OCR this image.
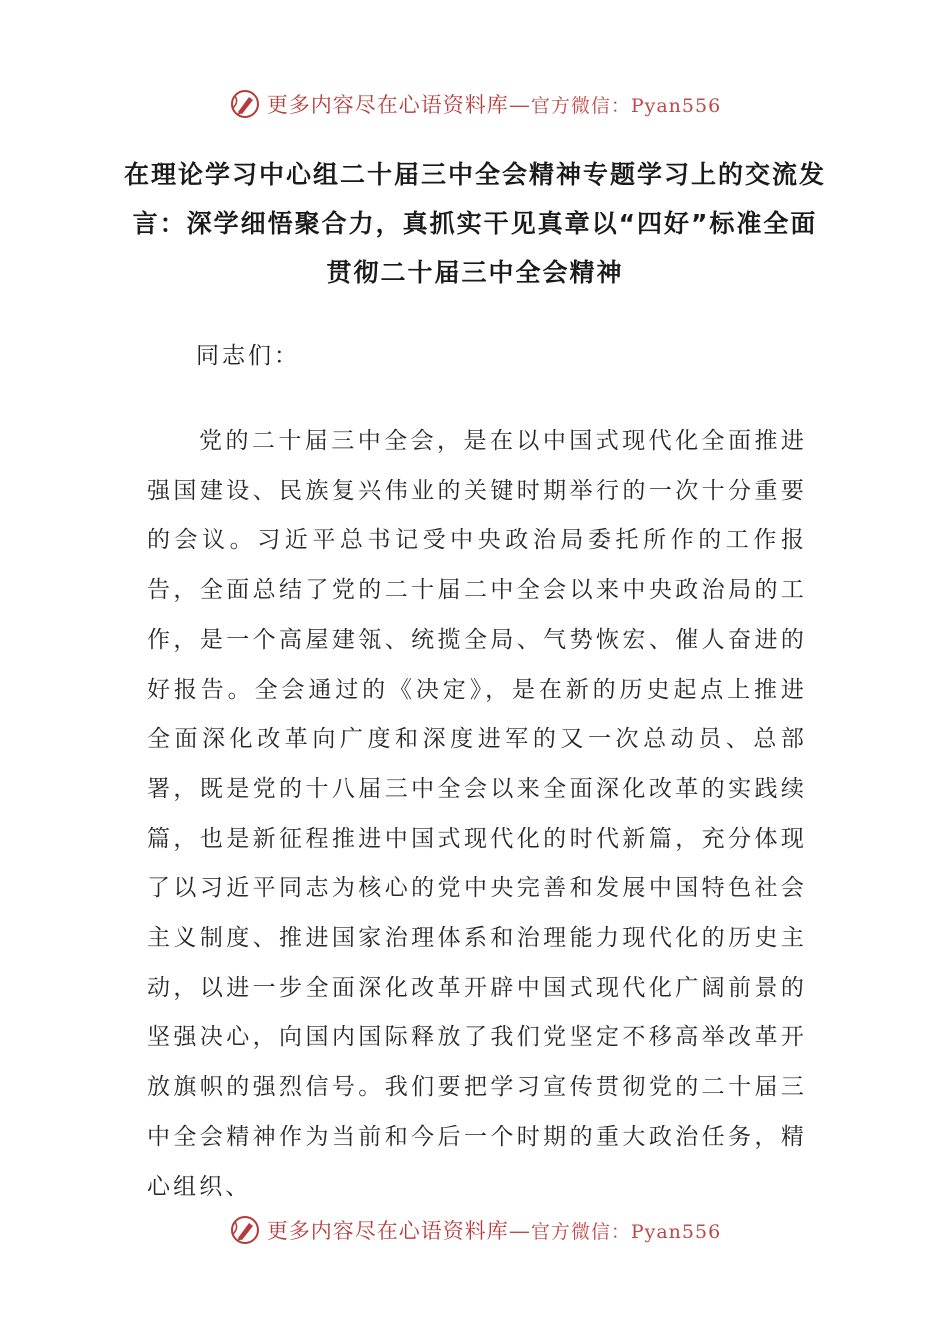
更多内容尽在心语资料库—官方微信：Pyan556
在理论学习中心组二十届三中全会精神专题学习上的交流发言：深学细悟聚合力，真抓实干见真章以“四好”标准全面贯彻二十届三中全会精神

同志们：

党的二十届三中全会，是在以中国式现代化全面推进强国建设、民族复兴伟业的关键时期举行的一次十分重要的会议。习近平总书记受中央政治局委托所作的工作报告，全面总结了党的二十届二中全会以来中央政治局的工作，是一个高屋建瓴、统揽全局、气势恢宏、催人奋进的好报告。全会通过的《决定》，是在新的历史起点上推进全面深化改革向广度和深度进军的又一次总动员、总部署，既是党的十八届三中全会以来全面深化改革的实践续篇，也是新征程推进中国式现代化的时代新篇，充分体现了以习近平同志为核心的党中央完善和发展中国特色社会主义制度、推进国家治理体系和治理能力现代化的历史主动，以进一步全面深化改革开辟中国式现代化广阔前景的坚强决心，向国内国际释放了我们党坚定不移高举改革开放旗帜的强烈信号。我们要把学习宣传贯彻党的二十届三中全会精神作为当前和今后一个时期的重大政治任务，精心组织、

更多内容尽在心语资料库—官方微信：Pyan556
